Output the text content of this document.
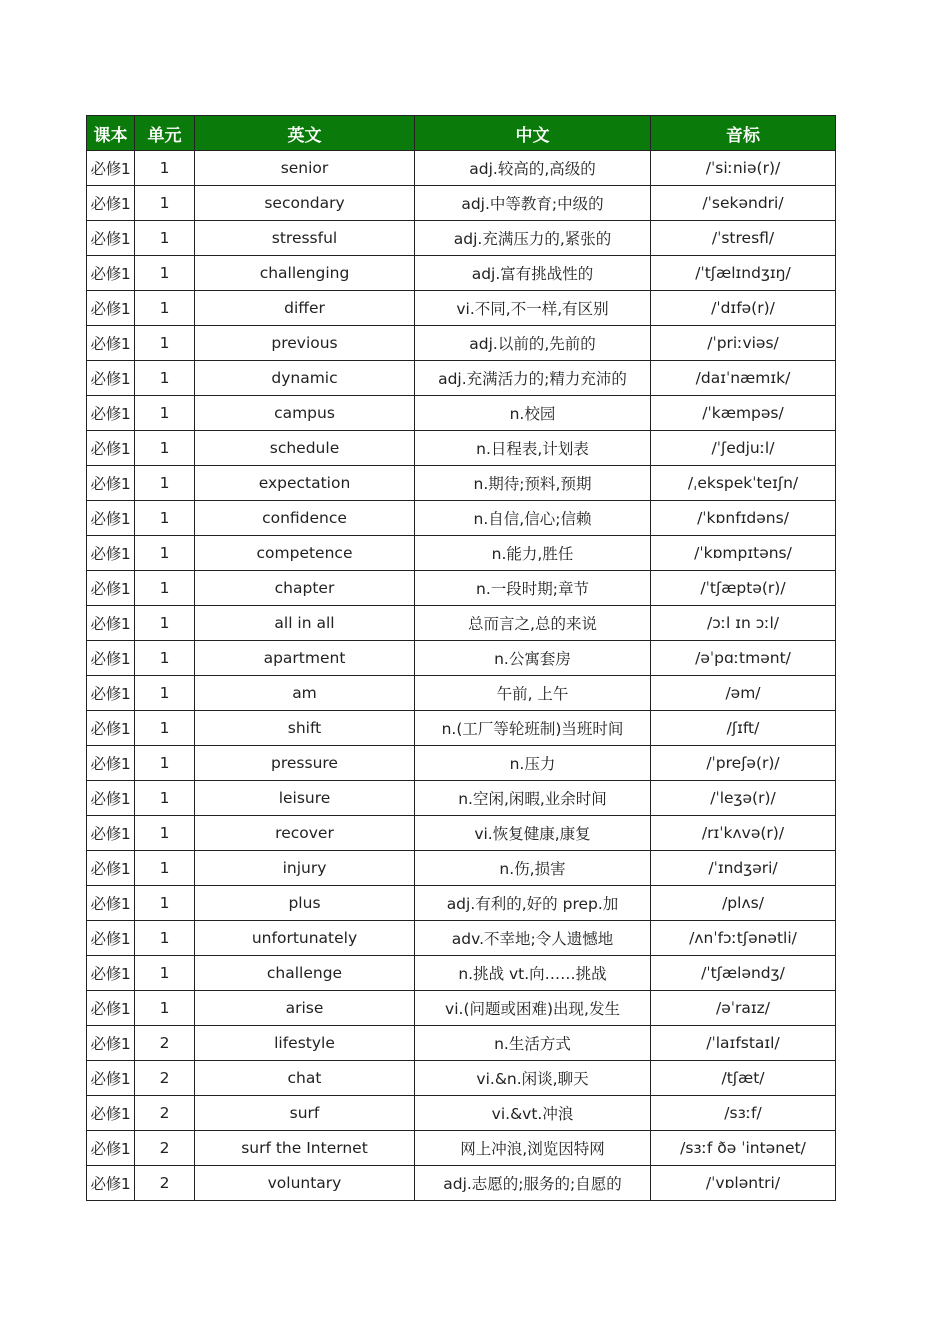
课本	单元	英文	中文	音标
必修1	1	senior	adj.较高的,高级的	/ˈsiːniə(r)/
必修1	1	secondary	adj.中等教育;中级的	/ˈsekəndri/
必修1	1	stressful	adj.充满压力的,紧张的	/ˈstresfl/
必修1	1	challenging	adj.富有挑战性的	/ˈtʃælɪndʒɪŋ/
必修1	1	differ	vi.不同,不一样,有区别	/ˈdɪfə(r)/
必修1	1	previous	adj.以前的,先前的	/ˈpriːviəs/
必修1	1	dynamic	adj.充满活力的;精力充沛的	/daɪˈnæmɪk/
必修1	1	campus	n.校园	/ˈkæmpəs/
必修1	1	schedule	n.日程表,计划表	/ˈʃedjuːl/
必修1	1	expectation	n.期待;预料,预期	/ˌekspekˈteɪʃn/
必修1	1	confidence	n.自信,信心;信赖	/ˈkɒnfɪdəns/
必修1	1	competence	n.能力,胜任	/ˈkɒmpɪtəns/
必修1	1	chapter	n.一段时期;章节	/ˈtʃæptə(r)/
必修1	1	all in all	总而言之,总的来说	/ɔːl ɪn ɔːl/
必修1	1	apartment	n.公寓套房	/əˈpɑːtmənt/
必修1	1	am	午前, 上午	/əm/
必修1	1	shift	n.(工厂等轮班制)当班时间	/ʃɪft/
必修1	1	pressure	n.压力	/ˈpreʃə(r)/
必修1	1	leisure	n.空闲,闲暇,业余时间	/ˈleʒə(r)/
必修1	1	recover	vi.恢复健康,康复	/rɪˈkʌvə(r)/
必修1	1	injury	n.伤,损害	/ˈɪndʒəri/
必修1	1	plus	adj.有利的,好的 prep.加	/plʌs/
必修1	1	unfortunately	adv.不幸地;令人遗憾地	/ʌnˈfɔːtʃənətli/
必修1	1	challenge	n.挑战 vt.向……挑战	/ˈtʃæləndʒ/
必修1	1	arise	vi.(问题或困难)出现,发生	/əˈraɪz/
必修1	2	lifestyle	n.生活方式	/ˈlaɪfstaɪl/
必修1	2	chat	vi.&n.闲谈,聊天	/tʃæt/
必修1	2	surf	vi.&vt.冲浪	/sɜːf/
必修1	2	surf the Internet	网上冲浪,浏览因特网	/sɜːf ðə ˈintənet/
必修1	2	voluntary	adj.志愿的;服务的;自愿的	/ˈvɒləntri/
